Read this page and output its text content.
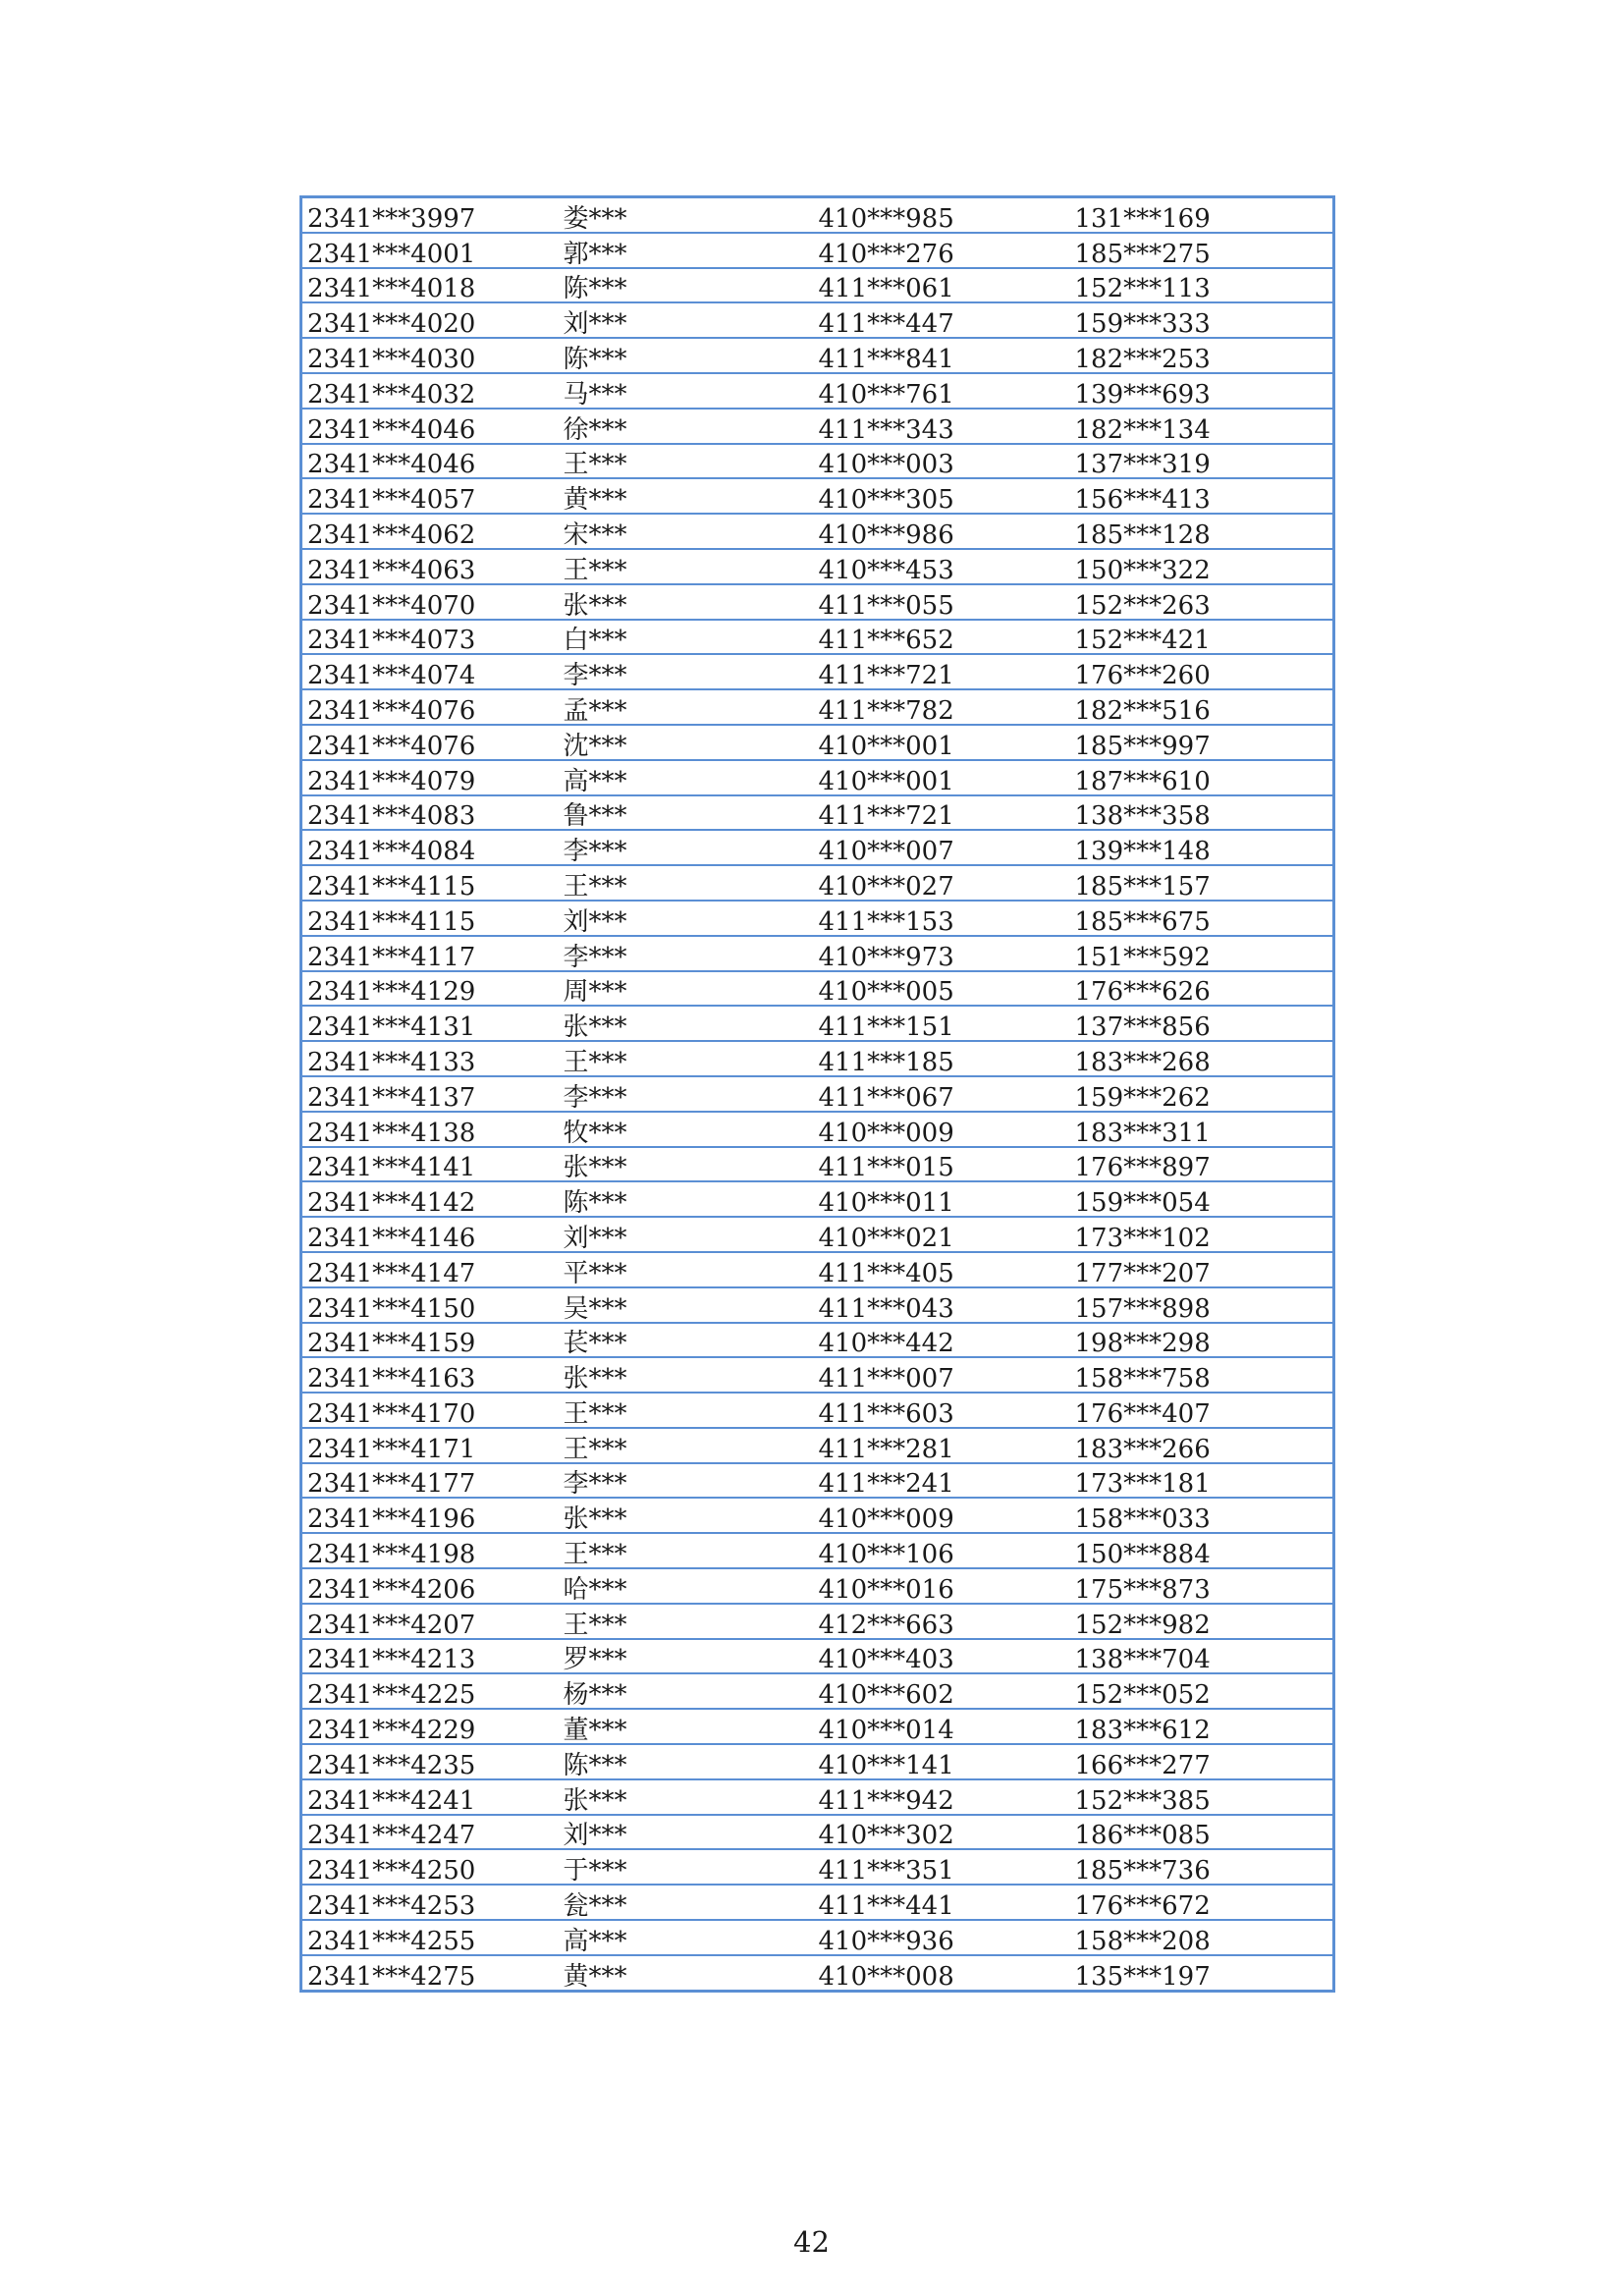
2341***3997	娄***	410***985	131***169
2341***4001	郭***	410***276	185***275
2341***4018	陈***	411***061	152***113
2341***4020	刘***	411***447	159***333
2341***4030	陈***	411***841	182***253
2341***4032	马***	410***761	139***693
2341***4046	徐***	411***343	182***134
2341***4046	王***	410***003	137***319
2341***4057	黄***	410***305	156***413
2341***4062	宋***	410***986	185***128
2341***4063	王***	410***453	150***322
2341***4070	张***	411***055	152***263
2341***4073	白***	411***652	152***421
2341***4074	李***	411***721	176***260
2341***4076	孟***	411***782	182***516
2341***4076	沈***	410***001	185***997
2341***4079	高***	410***001	187***610
2341***4083	鲁***	411***721	138***358
2341***4084	李***	410***007	139***148
2341***4115	王***	410***027	185***157
2341***4115	刘***	411***153	185***675
2341***4117	李***	410***973	151***592
2341***4129	周***	410***005	176***626
2341***4131	张***	411***151	137***856
2341***4133	王***	411***185	183***268
2341***4137	李***	411***067	159***262
2341***4138	牧***	410***009	183***311
2341***4141	张***	411***015	176***897
2341***4142	陈***	410***011	159***054
2341***4146	刘***	410***021	173***102
2341***4147	平***	411***405	177***207
2341***4150	吴***	411***043	157***898
2341***4159	苌***	410***442	198***298
2341***4163	张***	411***007	158***758
2341***4170	王***	411***603	176***407
2341***4171	王***	411***281	183***266
2341***4177	李***	411***241	173***181
2341***4196	张***	410***009	158***033
2341***4198	王***	410***106	150***884
2341***4206	哈***	410***016	175***873
2341***4207	王***	412***663	152***982
2341***4213	罗***	410***403	138***704
2341***4225	杨***	410***602	152***052
2341***4229	董***	410***014	183***612
2341***4235	陈***	410***141	166***277
2341***4241	张***	411***942	152***385
2341***4247	刘***	410***302	186***085
2341***4250	于***	411***351	185***736
2341***4253	瓮***	411***441	176***672
2341***4255	高***	410***936	158***208
2341***4275	黄***	410***008	135***197
42
